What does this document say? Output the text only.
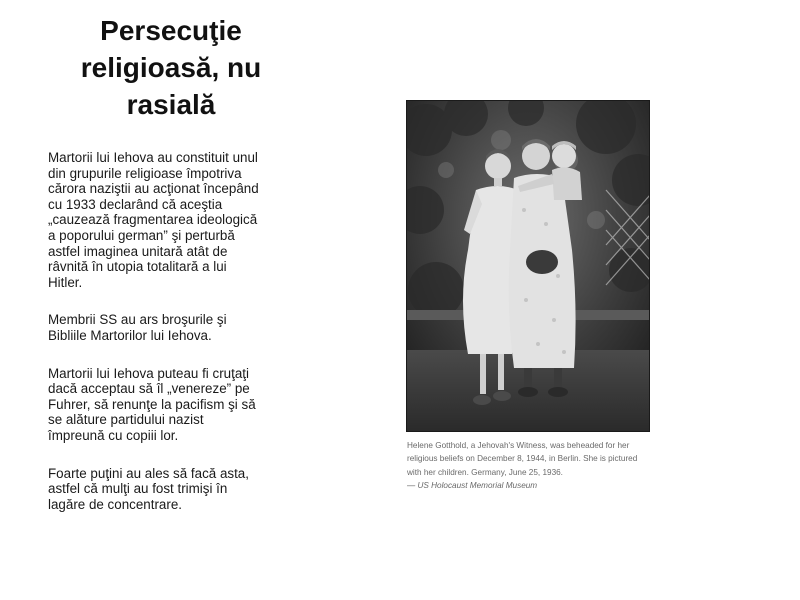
Persecuţie
religioasă, nu
rasială

Martorii lui Iehova au constituit unul
din grupurile religioase împotriva
cărora naziştii au acţionat începând
cu 1933 declarând că aceştia
„cauzează fragmentarea ideologică
a poporului german” şi perturbă
astfel imaginea unitară atât de
râvnită în utopia totalitară a lui
Hitler.

Membrii SS au ars broşurile şi
Bibliile Martorilor lui Iehova.

Martorii lui Iehova puteau fi cruţaţi
dacă acceptau să îl „venereze” pe
Fuhrer, să renunţe la pacifism şi să
se alăture partidului nazist
împreună cu copiii lor.

Foarte puţini au ales să facă asta,
astfel că mulţi au fost trimişi în
lagăre de concentrare.

Helene Gotthold, a Jehovah's Witness, was beheaded for her
religious beliefs on December 8, 1944, in Berlin. She is pictured
with her children. Germany, June 25, 1936.
— US Holocaust Memorial Museum
